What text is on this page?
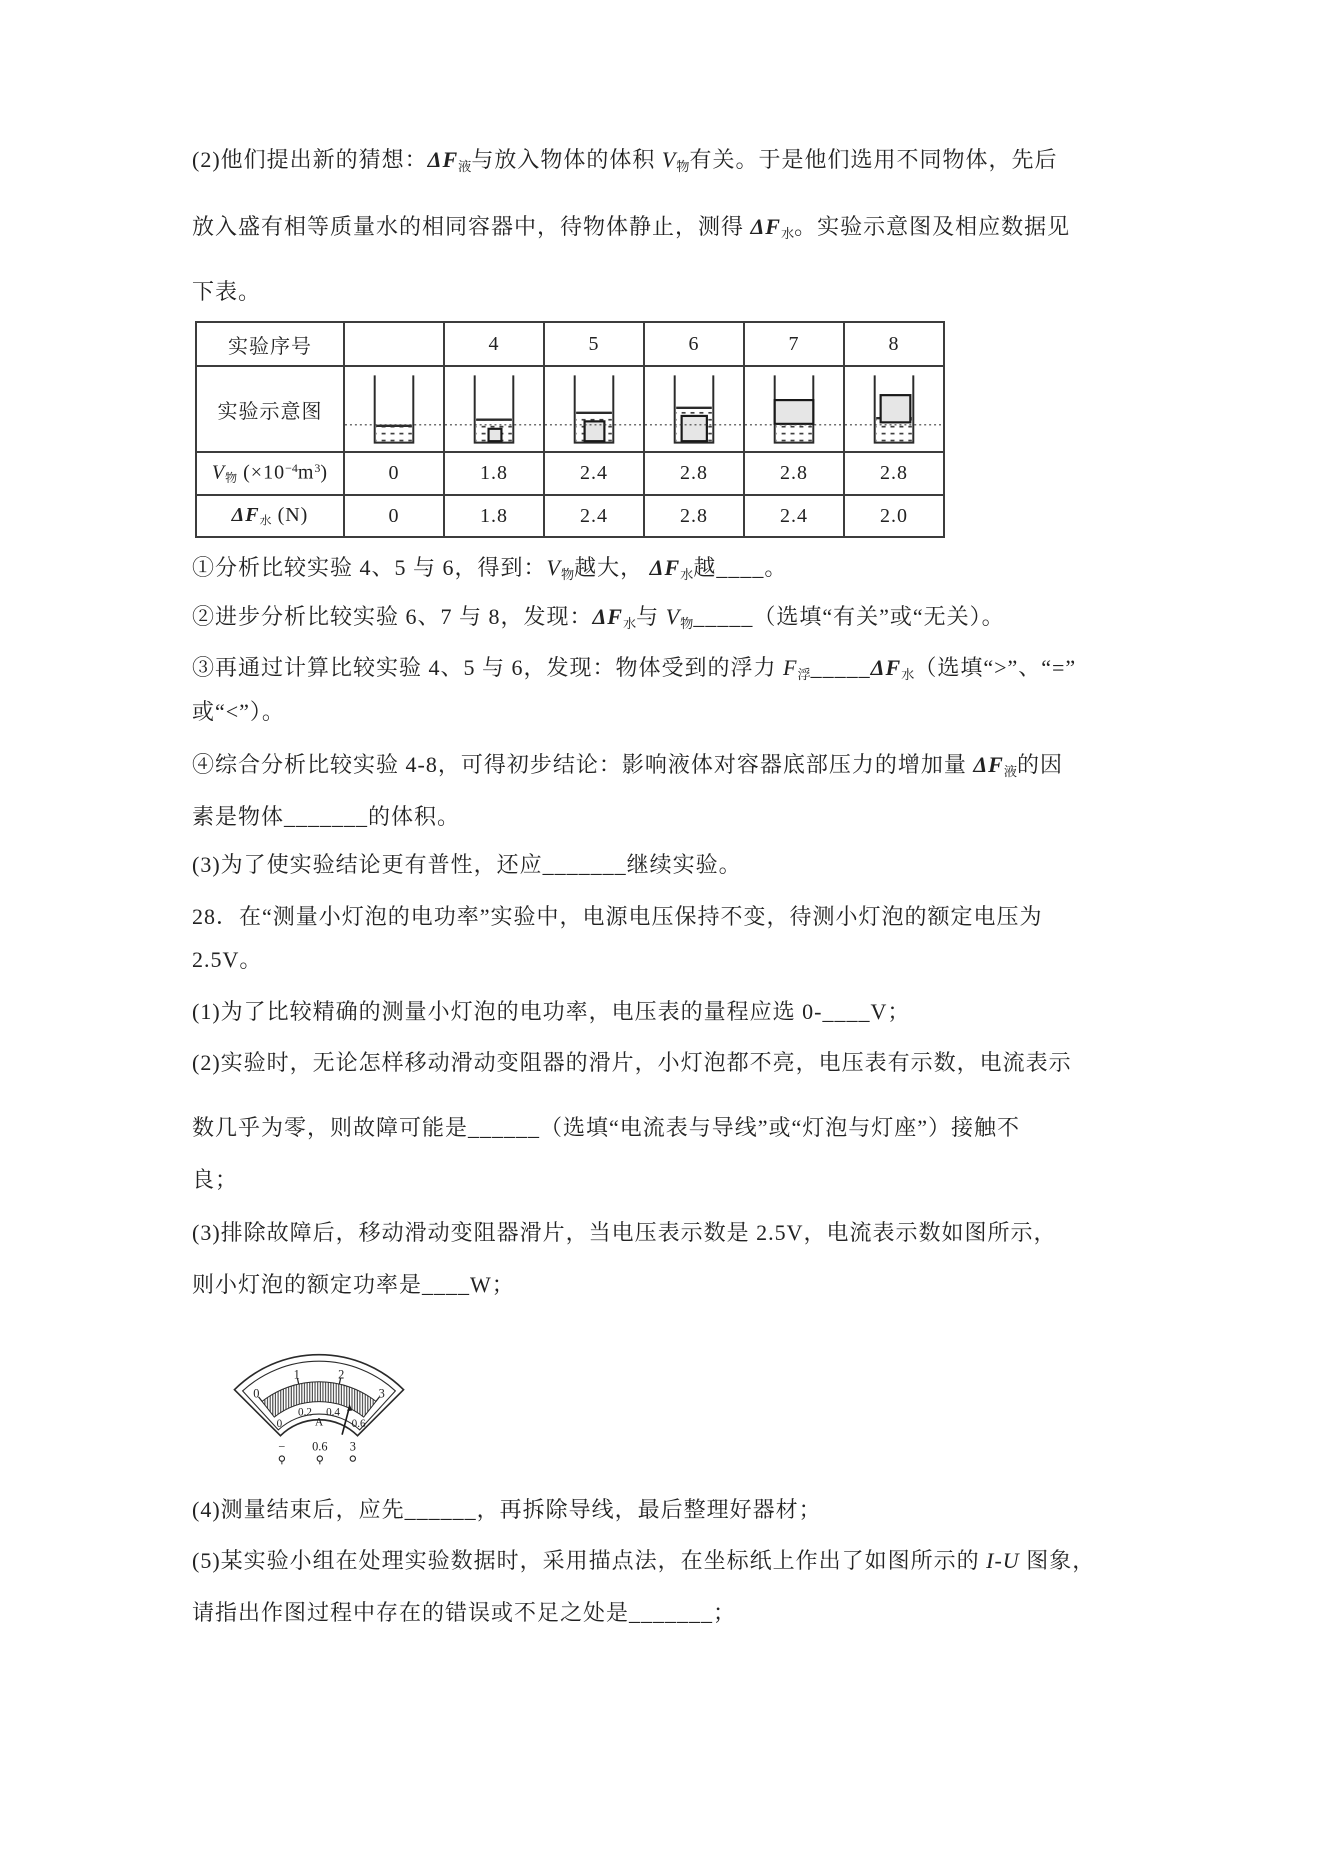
(2)他们提出新的猜想：ΔF液与放入物体的体积 V物有关。于是他们选用不同物体，先后
放入盛有相等质量水的相同容器中，待物体静止，测得 ΔF水。实验示意图及相应数据见
下表。
①分析比较实验 4、5 与 6，得到：V物越大， ΔF水越____。
②进步分析比较实验 6、7 与 8，发现：ΔF水与 V物_____（选填“有关”或“无关）。
③再通过计算比较实验 4、5 与 6，发现：物体受到的浮力 F浮_____ΔF水（选填“>”、“=”
或“<”）。
④综合分析比较实验 4-8，可得初步结论：影响液体对容器底部压力的增加量 ΔF液的因
素是物体_______的体积。
(3)为了使实验结论更有普性，还应_______继续实验。
28．在“测量小灯泡的电功率”实验中，电源电压保持不变，待测小灯泡的额定电压为
2.5V。
(1)为了比较精确的测量小灯泡的电功率，电压表的量程应选 0-____V；
(2)实验时，无论怎样移动滑动变阻器的滑片，小灯泡都不亮，电压表有示数，电流表示
数几乎为零，则故障可能是______（选填“电流表与导线”或“灯泡与灯座”）接触不
良；
(3)排除故障后，移动滑动变阻器滑片，当电压表示数是 2.5V，电流表示数如图所示，
则小灯泡的额定功率是____W；
(4)测量结束后，应先______，再拆除导线，最后整理好器材；
(5)某实验小组在处理实验数据时，采用描点法，在坐标纸上作出了如图所示的 I-U 图象，
请指出作图过程中存在的错误或不足之处是_______；
实验序号		4	5	6	7	8
实验示意图						
V物 $(\times 10^{-4}m^3)$	0	1.8	2.4	2.8	2.8	2.8
ΔF水 (N)	0	1.8	2.4	2.8	2.4	2.0
0
1	2
3
0
0.2 0.4
0.6
A
− 0.6 3
